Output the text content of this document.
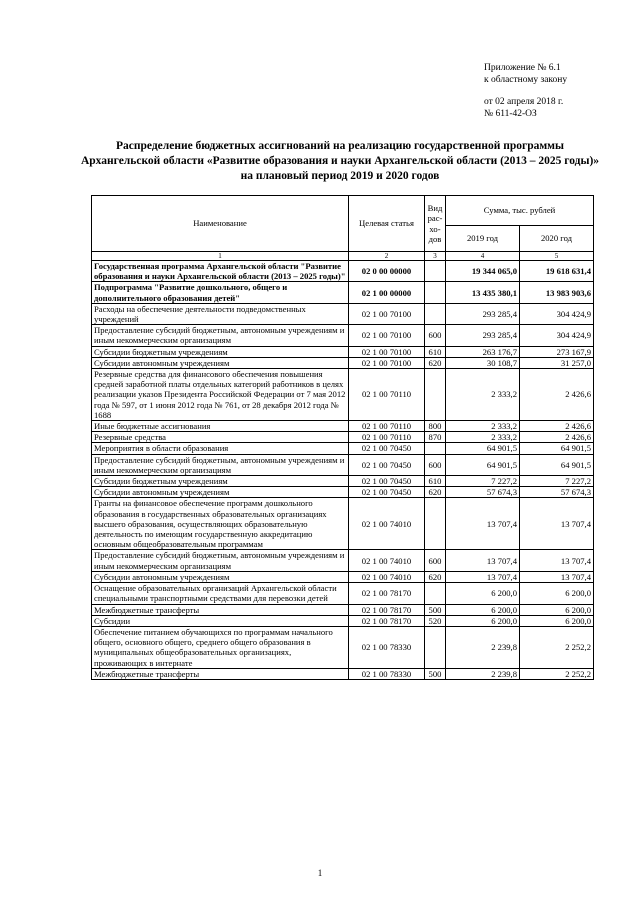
Приложение № 6.1
к областному закону
от 02 апреля 2018 г.
№ 611-42-ОЗ
Распределение бюджетных ассигнований на реализацию государственной программы Архангельской области «Развитие образования и науки Архангельской области (2013 – 2025 годы)» на плановый период 2019 и 2020 годов
Наименование	Целевая статья	Вид рас-хо-дов	Сумма, тыс. рублей	
			2019 год	2020 год
1	2	3	4	5
Государственная программа Архангельской области "Развитие образования и науки Архангельской области (2013 – 2025 годы)"	02 0 00 00000		19 344 065,0	19 618 631,4
Подпрограмма "Развитие дошкольного, общего и дополнительного образования детей"	02 1 00 00000		13 435 380,1	13 983 903,6
Расходы на обеспечение деятельности подведомственных учреждений	02 1 00 70100		293 285,4	304 424,9
Предоставление субсидий бюджетным, автономным учреждениям и иным некоммерческим организациям	02 1 00 70100	600	293 285,4	304 424,9
Субсидии бюджетным учреждениям	02 1 00 70100	610	263 176,7	273 167,9
Субсидии автономным учреждениям	02 1 00 70100	620	30 108,7	31 257,0
Резервные средства для финансового обеспечения повышения средней заработной платы отдельных категорий работников в целях реализации указов Президента Российской Федерации от 7 мая 2012 года № 597, от 1 июня 2012 года № 761, от 28 декабря 2012 года № 1688	02 1 00 70110		2 333,2	2 426,6
Иные бюджетные ассигнования	02 1 00 70110	800	2 333,2	2 426,6
Резервные средства	02 1 00 70110	870	2 333,2	2 426,6
Мероприятия в области образования	02 1 00 70450		64 901,5	64 901,5
Предоставление субсидий бюджетным, автономным учреждениям и иным некоммерческим организациям	02 1 00 70450	600	64 901,5	64 901,5
Субсидии бюджетным учреждениям	02 1 00 70450	610	7 227,2	7 227,2
Субсидии автономным учреждениям	02 1 00 70450	620	57 674,3	57 674,3
Гранты на финансовое обеспечение программ дошкольного образования в государственных образовательных организациях высшего образования, осуществляющих образовательную деятельность по имеющим государственную аккредитацию основным общеобразовательным программам	02 1 00 74010		13 707,4	13 707,4
Предоставление субсидий бюджетным, автономным учреждениям и иным некоммерческим организациям	02 1 00 74010	600	13 707,4	13 707,4
Субсидии автономным учреждениям	02 1 00 74010	620	13 707,4	13 707,4
Оснащение образовательных организаций Архангельской области специальными транспортными средствами для перевозки детей	02 1 00 78170		6 200,0	6 200,0
Межбюджетные трансферты	02 1 00 78170	500	6 200,0	6 200,0
Субсидии	02 1 00 78170	520	6 200,0	6 200,0
Обеспечение питанием обучающихся по программам начального общего, основного общего, среднего общего образования в муниципальных общеобразовательных организациях, проживающих в интернате	02 1 00 78330		2 239,8	2 252,2
Межбюджетные трансферты	02 1 00 78330	500	2 239,8	2 252,2
1
